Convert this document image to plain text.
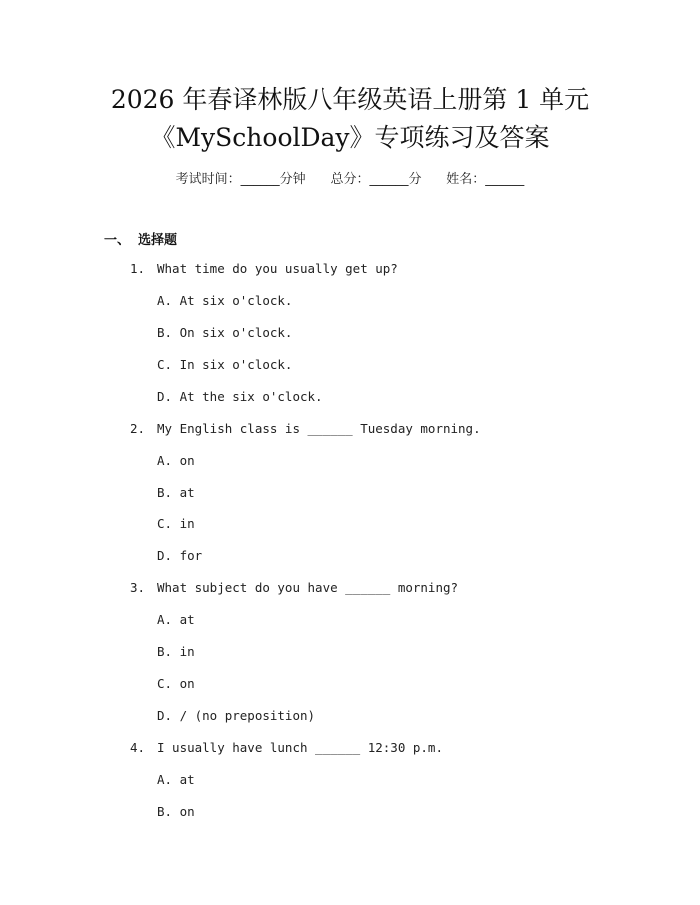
2026 年春译林版八年级英语上册第 1 单元
《MySchoolDay》专项练习及答案
考试时间：______分钟 总分：______分 姓名：______
一、 选择题
1. What time do you usually get up?
A. At six o'clock.
B. On six o'clock.
C. In six o'clock.
D. At the six o'clock.
2. My English class is ______ Tuesday morning.
A. on
B. at
C. in
D. for
3. What subject do you have ______ morning?
A. at
B. in
C. on
D. / (no preposition)
4. I usually have lunch ______ 12:30 p.m.
A. at
B. on
